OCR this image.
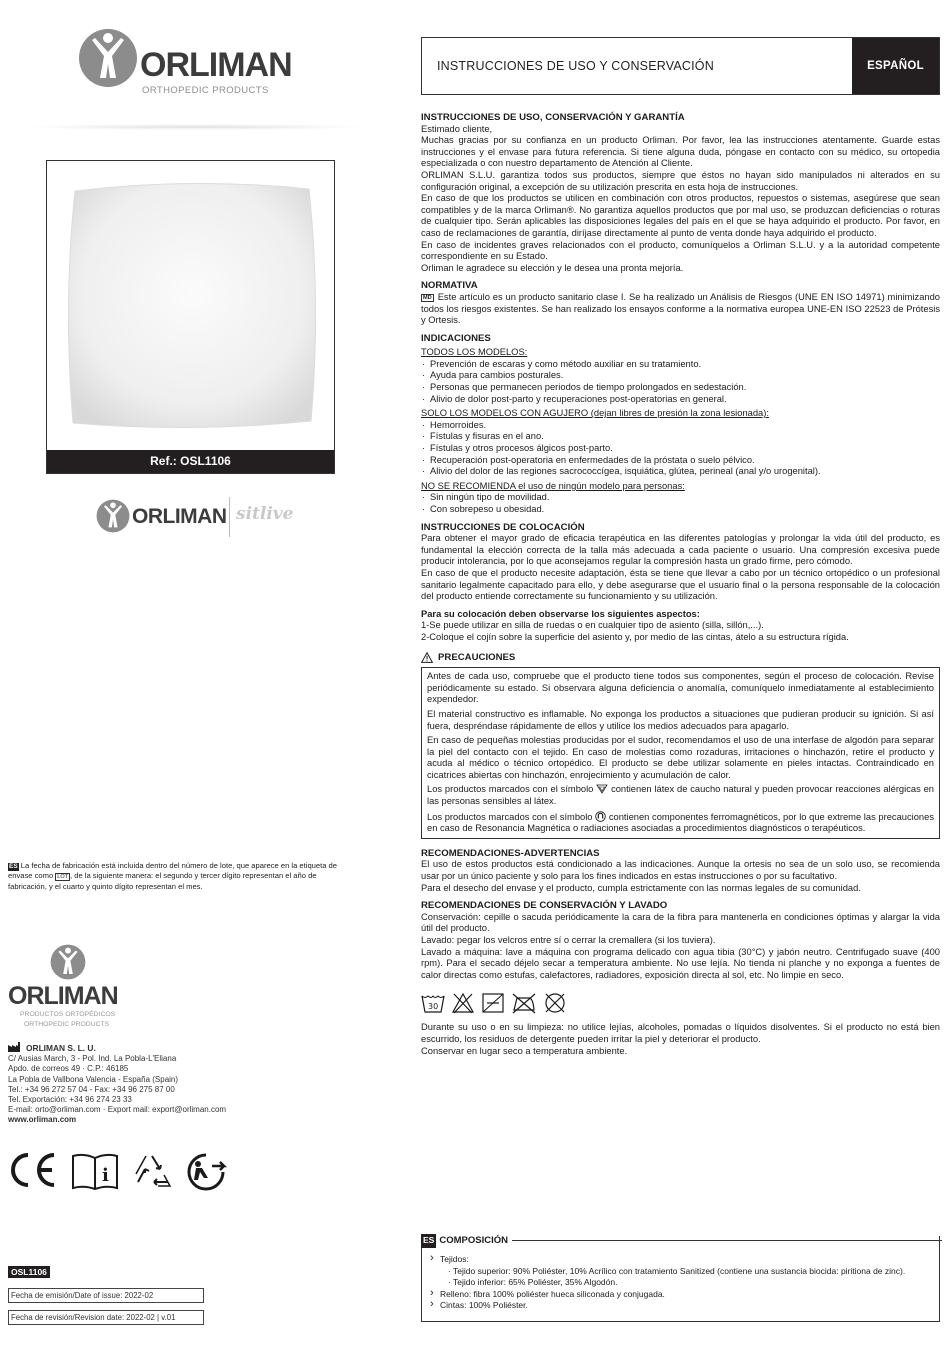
ORLIMAN
ORTHOPEDIC PRODUCTS
Ref.: OSL1106
ORLIMAN sitlive
ES La fecha de fabricación está incluida dentro del número de lote, que aparece en la etiqueta de envase como LOT , de la siguiente manera: el segundo y tercer dígito representan el año de fabricación, y el cuarto y quinto dígito representan el mes.
ORLIMAN
PRODUCTOS ORTOPÉDICOS
ORTHOPEDIC PRODUCTS
ORLIMAN S. L. U.
C/ Ausias March, 3 - Pol. Ind. La Pobla-L'Eliana
Apdo. de correos 49 · C.P.: 46185
La Pobla de Vallbona Valencia - España (Spain)
Tel.: +34 96 272 57 04 - Fax: +34 96 275 87 00
Tel. Exportación: +34 96 274 23 33
E-mail: orto@orliman.com · Export mail: export@orliman.com
www.orliman.com
i
OSL1106
Fecha de emisión/Date of issue: 2022-02
Fecha de revisión/Revision date: 2022-02 | v.01
INSTRUCCIONES DE USO Y CONSERVACIÓN	ESPAÑOL
INSTRUCCIONES DE USO, CONSERVACIÓN Y GARANTÍA

Estimado cliente,

Muchas gracias por su confianza en un producto Orliman. Por favor, lea las instrucciones atentamente. Guarde estas instrucciones y el envase para futura referencia. Si tiene alguna duda, póngase en contacto con su médico, su ortopedia especializada o con nuestro departamento de Atención al Cliente.

ORLIMAN S.L.U. garantiza todos sus productos, siempre que éstos no hayan sido manipulados ni alterados en su configuración original, a excepción de su utilización prescrita en esta hoja de instrucciones.

En caso de que los productos se utilicen en combinación con otros productos, repuestos o sistemas, asegúrese que sean compatibles y de la marca Orliman®. No garantiza aquellos productos que por mal uso, se produzcan deficiencias o roturas de cualquier tipo. Serán aplicables las disposiciones legales del país en el que se haya adquirido el producto. Por favor, en caso de reclamaciones de garantía, diríjase directamente al punto de venta donde haya adquirido el producto.

En caso de incidentes graves relacionados con el producto, comuníquelos a Orliman S.L.U. y a la autoridad competente correspondiente en su Estado.

Orliman le agradece su elección y le desea una pronta mejoría.

NORMATIVA

MD Este artículo es un producto sanitario clase I. Se ha realizado un Análisis de Riesgos (UNE EN ISO 14971) minimizando todos los riesgos existentes. Se han realizado los ensayos conforme a la normativa europea UNE-EN ISO 22523 de Prótesis y Ortesis.

INDICACIONES
TODOS LOS MODELOS:
· Prevención de escaras y como método auxiliar en su tratamiento.
· Ayuda para cambios posturales.
· Personas que permanecen periodos de tiempo prolongados en sedestación.
· Alivio de dolor post-parto y recuperaciones post-operatorias en general.
SOLO LOS MODELOS CON AGUJERO (dejan libres de presión la zona lesionada):
· Hemorroides.
· Fístulas y fisuras en el ano.
· Fístulas y otros procesos álgicos post-parto.
· Recuperación post-operatoria en enfermedades de la próstata o suelo pélvico.
· Alivio del dolor de las regiones sacrococcígea, isquiática, glútea, perineal (anal y/o urogenital).
NO SE RECOMIENDA el uso de ningún modelo para personas:
· Sin ningún tipo de movilidad.
· Con sobrepeso u obesidad.
INSTRUCCIONES DE COLOCACIÓN

Para obtener el mayor grado de eficacia terapéutica en las diferentes patologías y prolongar la vida útil del producto, es fundamental la elección correcta de la talla más adecuada a cada paciente o usuario. Una compresión excesiva puede producir intolerancia, por lo que aconsejamos regular la compresión hasta un grado firme, pero cómodo.

En caso de que el producto necesite adaptación, ésta se tiene que llevar a cabo por un técnico ortopédico o un profesional sanitario legalmente capacitado para ello, y debe asegurarse que el usuario final o la persona responsable de la colocación del producto entiende correctamente su funcionamiento y su utilización.

Para su colocación deben observarse los siguientes aspectos:

1-Se puede utilizar en silla de ruedas o en cualquier tipo de asiento (silla, sillón,...).

2-Coloque el cojín sobre la superficie del asiento y, por medio de las cintas, átelo a su estructura rígida.

PRECAUCIONES

Antes de cada uso, compruebe que el producto tiene todos sus componentes, según el proceso de colocación. Revise periódicamente su estado. Si observara alguna deficiencia o anomalía, comuníquelo inmediatamente al establecimiento expendedor.

El material constructivo es inflamable. No exponga los productos a situaciones que pudieran producir su ignición. Si así fuera, despréndase rápidamente de ellos y utilice los medios adecuados para apagarlo.

En caso de pequeñas molestias producidas por el sudor, recomendamos el uso de una interfase de algodón para separar la piel del contacto con el tejido. En caso de molestias como rozaduras, irritaciones o hinchazón, retire el producto y acuda al médico o técnico ortopédico. El producto se debe utilizar solamente en pieles intactas. Contraindicado en cicatrices abiertas con hinchazón, enrojecimiento y acumulación de calor.

Los productos marcados con el símbolo contienen látex de caucho natural y pueden provocar reacciones alérgicas en las personas sensibles al látex.

Los productos marcados con el símbolo contienen componentes ferromagnéticos, por lo que extreme las precauciones en caso de Resonancia Magnética o radiaciones asociadas a procedimientos diagnósticos o terapéuticos.

RECOMENDACIONES-ADVERTENCIAS

El uso de estos productos está condicionado a las indicaciones. Aunque la ortesis no sea de un solo uso, se recomienda usar por un único paciente y solo para los fines indicados en estas instrucciones o por su facultativo.

Para el desecho del envase y el producto, cumpla estrictamente con las normas legales de su comunidad.

RECOMENDACIONES DE CONSERVACIÓN Y LAVADO

Conservación: cepille o sacuda periódicamente la cara de la fibra para mantenerla en condiciones óptimas y alargar la vida útil del producto.

Lavado: pegar los velcros entre sí o cerrar la cremallera (si los tuviera).

Lavado a máquina: lave a máquina con programa delicado con agua tibia (30°C) y jabón neutro. Centrifugado suave (400 rpm). Para el secado déjelo secar a temperatura ambiente. No use lejía. No tienda ni planche y no exponga a fuentes de calor directas como estufas, calefactores, radiadores, exposición directa al sol, etc. No limpie en seco.

30

Durante su uso o en su limpieza: no utilice lejías, alcoholes, pomadas o líquidos disolventes. Si el producto no está bien escurrido, los residuos de detergente pueden irritar la piel y deteriorar el producto.

Conservar en lugar seco a temperatura ambiente.

ES COMPOSICIÓN
› Tejidos:
· Tejido superior: 90% Poliéster, 10% Acrílico con tratamiento Sanitized (contiene una sustancia biocida: piritiona de zinc).
· Tejido inferior: 65% Poliéster, 35% Algodón.
› Relleno: fibra 100% poliéster hueca siliconada y conjugada.
› Cintas: 100% Poliéster.
